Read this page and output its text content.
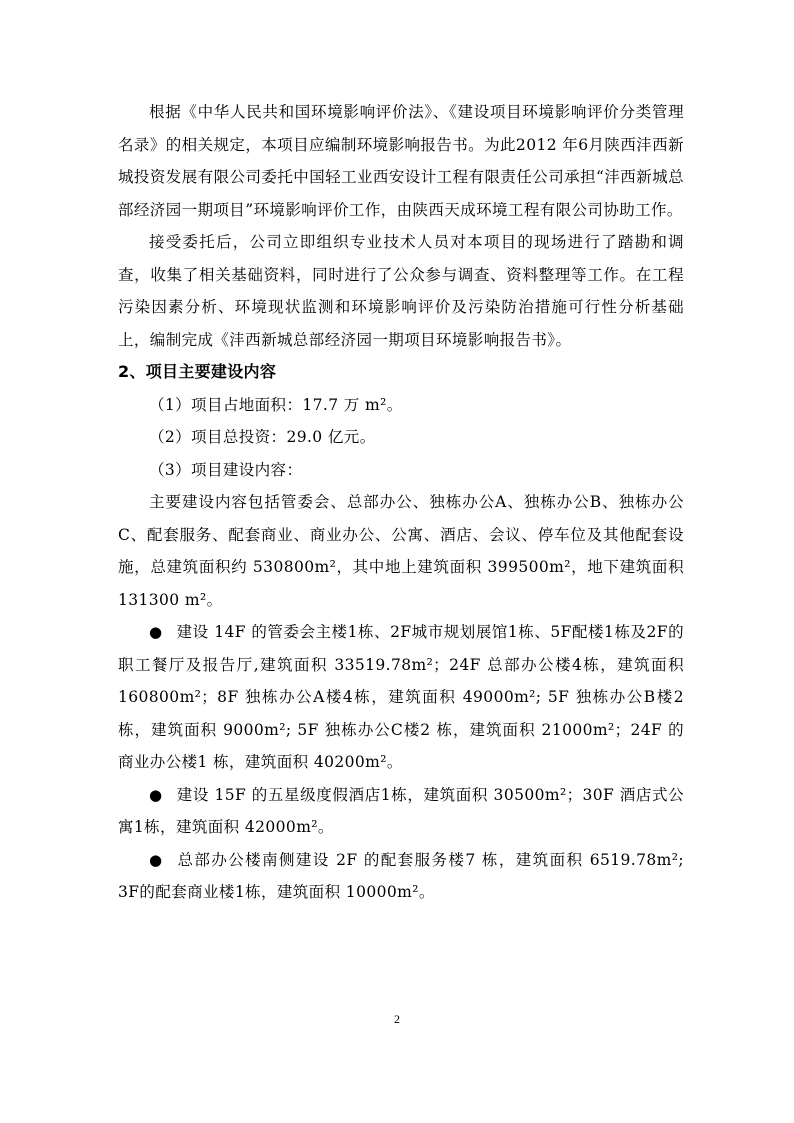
根据《中华人民共和国环境影响评价法》、《建设项目环境影响评价分类管理名录》的相关规定，本项目应编制环境影响报告书。为此2012 年6月陕西沣西新城投资发展有限公司委托中国轻工业西安设计工程有限责任公司承担“沣西新城总部经济园一期项目”环境影响评价工作，由陕西天成环境工程有限公司协助工作。

接受委托后，公司立即组织专业技术人员对本项目的现场进行了踏勘和调查，收集了相关基础资料，同时进行了公众参与调查、资料整理等工作。在工程污染因素分析、环境现状监测和环境影响评价及污染防治措施可行性分析基础上，编制完成《沣西新城总部经济园一期项目环境影响报告书》。

2、项目主要建设内容

（1）项目占地面积：17.7 万 m²。

（2）项目总投资：29.0 亿元。

（3）项目建设内容：

主要建设内容包括管委会、总部办公、独栋办公A、独栋办公B、独栋办公C、配套服务、配套商业、商业办公、公寓、酒店、会议、停车位及其他配套设施，总建筑面积约 530800m²，其中地上建筑面积 399500m²，地下建筑面积 131300 m²。

● 建设 14F 的管委会主楼1栋、2F城市规划展馆1栋、5F配楼1栋及2F的职工餐厅及报告厅,建筑面积 33519.78m²；24F 总部办公楼4栋，建筑面积 160800m²；8F 独栋办公A楼4栋，建筑面积 49000m²; 5F 独栋办公B楼2栋，建筑面积 9000m²; 5F 独栋办公C楼2 栋，建筑面积 21000m²；24F 的商业办公楼1 栋，建筑面积 40200m²。

● 建设 15F 的五星级度假酒店1栋，建筑面积 30500m²；30F 酒店式公寓1栋，建筑面积 42000m²。

● 总部办公楼南侧建设 2F 的配套服务楼7 栋，建筑面积 6519.78m²; 3F的配套商业楼1栋，建筑面积 10000m²。

2
